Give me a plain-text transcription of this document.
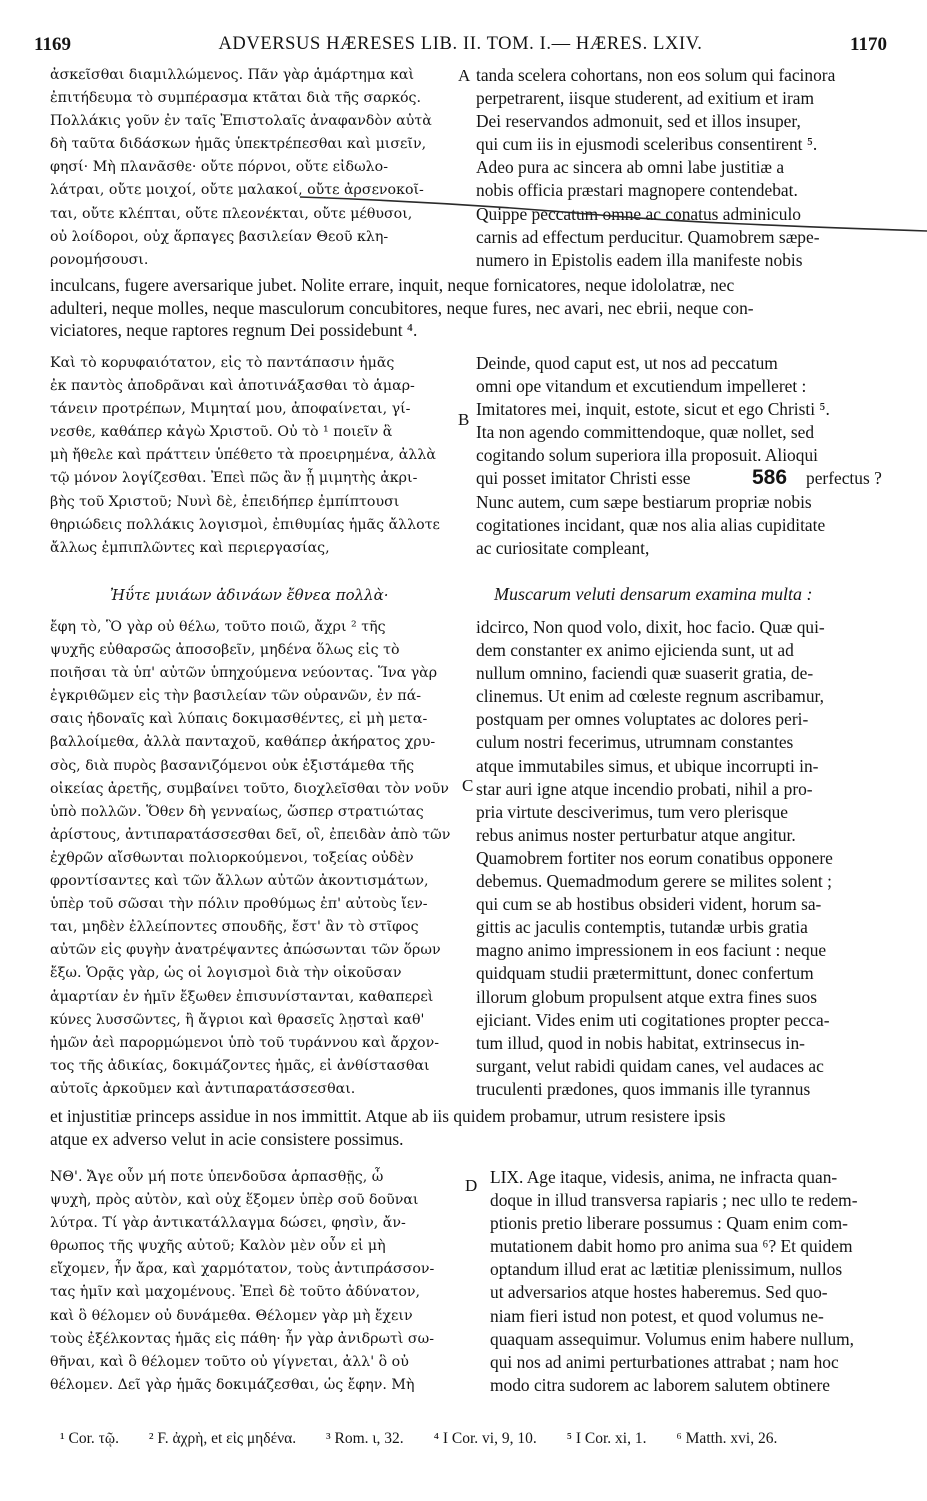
1169	ADVERSUS HÆRESES LIB. II. TOM. I.— HÆRES. LXIV.	1170

ἀσκεῖσθαι διαμιλλώμενος. Πᾶν γὰρ ἁμάρτημα καὶ

ἐπιτήδευμα τὸ συμπέρασμα κτᾶται διὰ τῆς σαρκός.

Πολλάκις γοῦν ἐν ταῖς Ἐπιστολαῖς ἀναφανδὸν αὐτὰ

δὴ ταῦτα διδάσκων ἡμᾶς ὑπεκτρέπεσθαι καὶ μισεῖν,

φησί· Μὴ πλανᾶσθε· οὔτε πόρνοι, οὔτε εἰδωλο-

λάτραι, οὔτε μοιχοί, οὔτε μαλακοί, οὔτε ἀρσενοκοῖ-

ται, οὔτε κλέπται, οὔτε πλεονέκται, οὔτε μέθυσοι,

οὐ λοίδοροι, οὐχ ἅρπαγες βασιλείαν Θεοῦ κλη-

ρονομήσουσι.

A tanda scelera cohortans, non eos solum qui facinora

perpetrarent, iisque studerent, ad exitium et iram

Dei reservandos admonuit, sed et illos insuper,

qui cum iis in ejusmodi sceleribus consentirent ⁵.

Adeo pura ac sincera ab omni labe justitiæ a

nobis officia præstari magnopere contendebat.

Quippe peccatum omne ac conatus adminiculo

carnis ad effectum perducitur. Quamobrem sæpe-

numero in Epistolis eadem illa manifeste nobis

inculcans, fugere aversarique jubet. Nolite errare, inquit, neque fornicatores, neque idololatræ, nec

adulteri, neque molles, neque masculorum concubitores, neque fures, nec avari, nec ebrii, neque con-

viciatores, neque raptores regnum Dei possidebunt ⁴.

Καὶ τὸ κορυφαιότατον, εἰς τὸ παντάπασιν ἡμᾶς

ἐκ παντὸς ἀποδρᾶναι καὶ ἀποτινάξασθαι τὸ ἁμαρ-

τάνειν προτρέπων, Μιμηταί μου, ἀποφαίνεται, γί-

νεσθε, καθάπερ κἀγὼ Χριστοῦ. Οὐ τὸ ¹ ποιεῖν ἃ

μὴ ἤθελε καὶ πράττειν ὑπέθετο τὰ προειρημένα, ἀλλὰ

τῷ μόνον λογίζεσθαι. Ἐπεὶ πῶς ἂν ᾖ μιμητὴς ἀκρι-

βὴς τοῦ Χριστοῦ; Νυνὶ δὲ, ἐπειδήπερ ἐμπίπτουσι

θηριώδεις πολλάκις λογισμοὶ, ἐπιθυμίας ἡμᾶς ἄλλοτε

ἄλλως ἐμπιπλῶντες καὶ περιεργασίας,

B

Deinde, quod caput est, ut nos ad peccatum

omni ope vitandum et excutiendum impelleret :

Imitatores mei, inquit, estote, sicut et ego Christi ⁵.

Ita non agendo committendoque, quæ nollet, sed

cogitando solum superiora illa proposuit. Alioqui

qui posset imitator Christi esse

Nunc autem, cum sæpe bestiarum propriæ nobis

cogitationes incidant, quæ nos alia alias cupiditate

ac curiositate compleant,

586 perfectus ?
Ἠΰτε μυιάων ἀδινάων ἔθνεα πολλὰ·	Muscarum veluti densarum examina multa :

ἔφη τὸ, Ὃ γὰρ οὐ θέλω, τοῦτο ποιῶ, ἄχρι ² τῆς

ψυχῆς εὐθαρσῶς ἀποσοβεῖν, μηδένα ὅλως εἰς τὸ

ποιῆσαι τὰ ὑπ' αὐτῶν ὑπηχούμενα νεύοντας. Ἵνα γὰρ

ἐγκριθῶμεν εἰς τὴν βασιλείαν τῶν οὐρανῶν, ἐν πά-

σαις ἡδοναῖς καὶ λύπαις δοκιμασθέντες, εἰ μὴ μετα-

βαλλοίμεθα, ἀλλὰ πανταχοῦ, καθάπερ ἀκήρατος χρυ-

σὸς, διὰ πυρὸς βασανιζόμενοι οὐκ ἐξιστάμεθα τῆς

οἰκείας ἀρετῆς, συμβαίνει τοῦτο, διοχλεῖσθαι τὸν νοῦν

ὑπὸ πολλῶν. Ὅθεν δὴ γενναίως, ὥσπερ στρατιώτας

ἀρίστους, ἀντιπαρατάσσεσθαι δεῖ, οἳ, ἐπειδὰν ἀπὸ τῶν

ἐχθρῶν αἴσθωνται πολιορκούμενοι, τοξείας οὐδὲν

φροντίσαντες καὶ τῶν ἄλλων αὐτῶν ἀκοντισμάτων,

ὑπὲρ τοῦ σῶσαι τὴν πόλιν προθύμως ἐπ' αὐτοὺς ἴεν-

ται, μηδὲν ἐλλείποντες σπουδῆς, ἔστ' ἂν τὸ στῖφος

αὐτῶν εἰς φυγὴν ἀνατρέψαντες ἀπώσωνται τῶν ὅρων

ἔξω. Ὁρᾷς γὰρ, ὡς οἱ λογισμοὶ διὰ τὴν οἰκοῦσαν

ἁμαρτίαν ἐν ἡμῖν ἔξωθεν ἐπισυνίστανται, καθαπερεὶ

κύνες λυσσῶντες, ἢ ἄγριοι καὶ θρασεῖς λῃσταὶ καθ'

ἡμῶν ἀεὶ παρορμώμενοι ὑπὸ τοῦ τυράννου καὶ ἄρχον-

τος τῆς ἀδικίας, δοκιμάζοντες ἡμᾶς, εἰ ἀνθίστασθαι

αὐτοῖς ἀρκοῦμεν καὶ ἀντιπαρατάσσεσθαι.

C

idcirco, Non quod volo, dixit, hoc facio. Quæ qui-

dem constanter ex animo ejicienda sunt, ut ad

nullum omnino, faciendi quæ suaserit gratia, de-

clinemus. Ut enim ad cœleste regnum ascribamur,

postquam per omnes voluptates ac dolores peri-

culum nostri fecerimus, utrumnam constantes

atque immutabiles simus, et ubique incorrupti in-

star auri igne atque incendio probati, nihil a pro-

pria virtute desciverimus, tum vero plerisque

rebus animus noster perturbatur atque angitur.

Quamobrem fortiter nos eorum conatibus opponere

debemus. Quemadmodum gerere se milites solent ;

qui cum se ab hostibus obsideri vident, horum sa-

gittis ac jaculis contemptis, tutandæ urbis gratia

magno animo impressionem in eos faciunt : neque

quidquam studii prætermittunt, donec confertum

illorum globum propulsent atque extra fines suos

ejiciant. Vides enim uti cogitationes propter pecca-

tum illud, quod in nobis habitat, extrinsecus in-

surgant, velut rabidi quidam canes, vel audaces ac

truculenti prædones, quos immanis ille tyrannus

et injustitiæ princeps assidue in nos immittit. Atque ab iis quidem probamur, utrum resistere ipsis

atque ex adverso velut in acie consistere possimus.

ΝΘ'. Ἄγε οὖν μή ποτε ὑπενδοῦσα ἁρπασθῇς, ὦ

ψυχὴ, πρὸς αὐτὸν, καὶ οὐχ ἕξομεν ὑπὲρ σοῦ δοῦναι

λύτρα. Τί γὰρ ἀντικατάλλαγμα δώσει, φησὶν, ἄν-

θρωπος τῆς ψυχῆς αὐτοῦ; Καλὸν μὲν οὖν εἰ μὴ

εἴχομεν, ἦν ἄρα, καὶ χαρμότατον, τοὺς ἀντιπράσσον-

τας ἡμῖν καὶ μαχομένους. Ἐπεὶ δὲ τοῦτο ἀδύνατον,

καὶ ὃ θέλομεν οὐ δυνάμεθα. Θέλομεν γὰρ μὴ ἔχειν

τοὺς ἐξέλκοντας ἡμᾶς εἰς πάθη· ἦν γὰρ ἀνιδρωτὶ σω-

θῆναι, καὶ ὃ θέλομεν τοῦτο οὐ γίγνεται, ἀλλ' ὃ οὐ

θέλομεν. Δεῖ γὰρ ἡμᾶς δοκιμάζεσθαι, ὡς ἔφην. Μὴ

D LIX. Age itaque, videsis, anima, ne infracta quan-

doque in illud transversa rapiaris ; nec ullo te redem-

ptionis pretio liberare possumus : Quam enim com-

mutationem dabit homo pro anima sua ⁶? Et quidem

optandum illud erat ac lætitiæ plenissimum, nullos

ut adversarios atque hostes haberemus. Sed quo-

niam fieri istud non potest, et quod volumus ne-

quaquam assequimur. Volumus enim habere nullum,

qui nos ad animi perturbationes attrabat ; nam hoc

modo citra sudorem ac laborem salutem obtinere

¹ Cor. τῷ. ² F. ἀχρὴ, et εἰς μηδένα. ³ Rom. ι, 32. ⁴ I Cor. vi, 9, 10. ⁵ I Cor. xi, 1. ⁶ Matth. xvi, 26.
